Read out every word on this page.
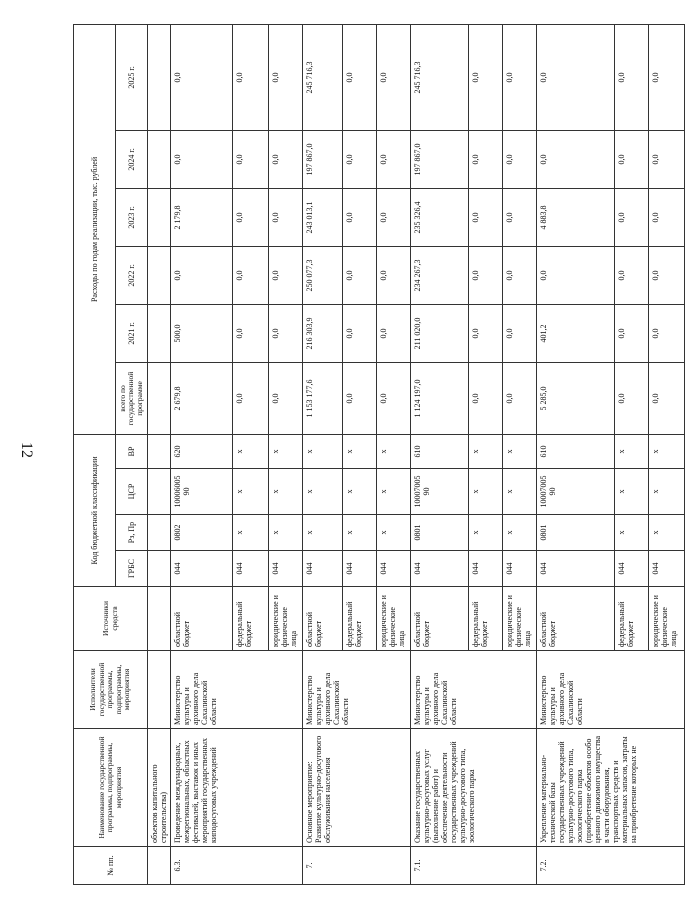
12
№ пп.	Наименование государственной программы, подпрограммы, мероприятия	Исполнители государственной программы, подпрограммы, мероприятия	Источники средств	Код бюджетной классификации				Расходы по годам реализации, тыс. рублей					
				ГРБС	Рз, Пр	ЦСР	ВР	всего по государственной программе	2021 г.	2022 г.	2023 г.	2024 г.	2025 г.
	объектов капитального строительства)												
6.3.	Проведение международных, межрегиональных, областных фестивалей, выставок и иных мероприятий государственных киподосуговых учреждений	Министерство культуры и архивного дела Сахалинской области	областной бюджет	044	0802	10006005 90	620	2 679,8	500,0	0,0	2 179,8	0,0	0,0
			федеральный бюджет	044	x	x	x	0,0	0,0	0,0	0,0	0,0	0,0
			юридические и физические лица	044	x	x	x	0,0	0,0	0,0	0,0	0,0	0,0
7.	Основное мероприятие: Развитие культурно-досугового обслуживания населения	Министерство культуры и архивного дела Сахалинской области	областной бюджет	044	x	x	x	1 153 177,6	216 303,9	250 077,3	243 013,1	197 867,0	245 716,3
			федеральный бюджет	044	x	x	x	0,0	0,0	0,0	0,0	0,0	0,0
			юридические и физические лица	044	x	x	x	0,0	0,0	0,0	0,0	0,0	0,0
7.1.	Оказание государственных культурно-досуговых услуг (выполнение работ) и обеспечение деятельности государственных учреждений культурно-досугового типа, зоологического парка	Министерство культуры и архивного дела Сахалинской области	областной бюджет	044	0801	10007005 90	610	1 124 197,0	211 020,0	234 267,3	235 326,4	197 867,0	245 716,3
			федеральный бюджет	044	x	x	x	0,0	0,0	0,0	0,0	0,0	0,0
			юридические и физические лица	044	x	x	x	0,0	0,0	0,0	0,0	0,0	0,0
7.2.	Укрепление материально-технической базы государственных учреждений культурно-досугового типа, зоологического парка (приобретение объектов особо ценного движимого имущества в части оборудования, транспортных средств и материальных запасов, затраты на приобретение которых не	Министерство культуры и архивного дела Сахалинской области	областной бюджет	044	0801	10007005 90	610	5 285,0	401,2	0,0	4 883,8	0,0	0,0
			федеральный бюджет	044	x	x	x	0,0	0,0	0,0	0,0	0,0	0,0
			юридические и физические лица	044	x	x	x	0,0	0,0	0,0	0,0	0,0	0,0
